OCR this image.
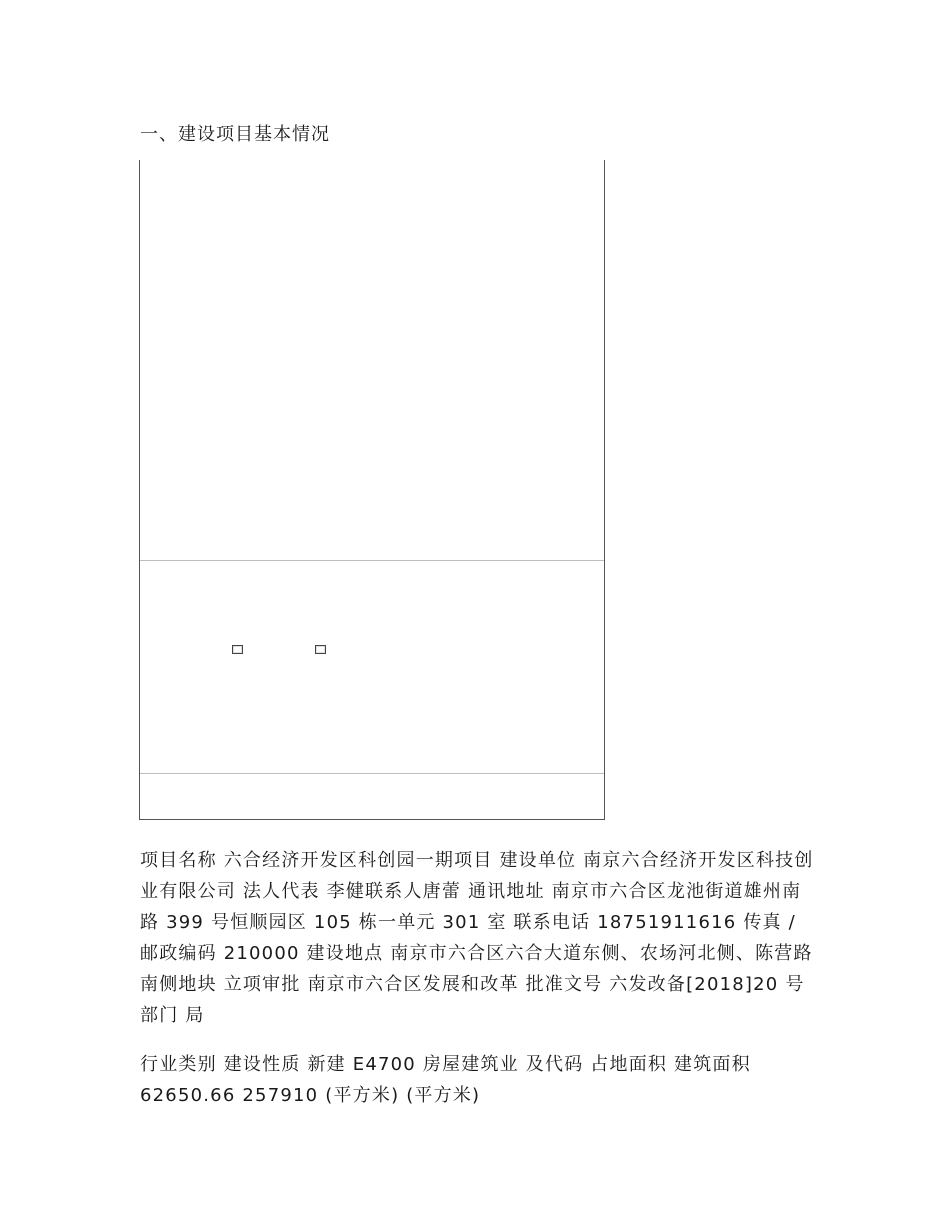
一、建设项目基本情况

项目名称 六合经济开发区科创园一期项目 建设单位 南京六合经济开发区科技创业有限公司 法人代表 李健联系人唐蕾 通讯地址 南京市六合区龙池街道雄州南路 399 号恒顺园区 105 栋一单元 301 室 联系电话 18751911616 传真 / 邮政编码 210000 建设地点 南京市六合区六合大道东侧、农场河北侧、陈营路南侧地块 立项审批 南京市六合区发展和改革 批准文号 六发改备[2018]20 号 部门 局

行业类别 建设性质 新建 E4700 房屋建筑业 及代码 占地面积 建筑面积 62650.66 257910 (平方米) (平方米)
